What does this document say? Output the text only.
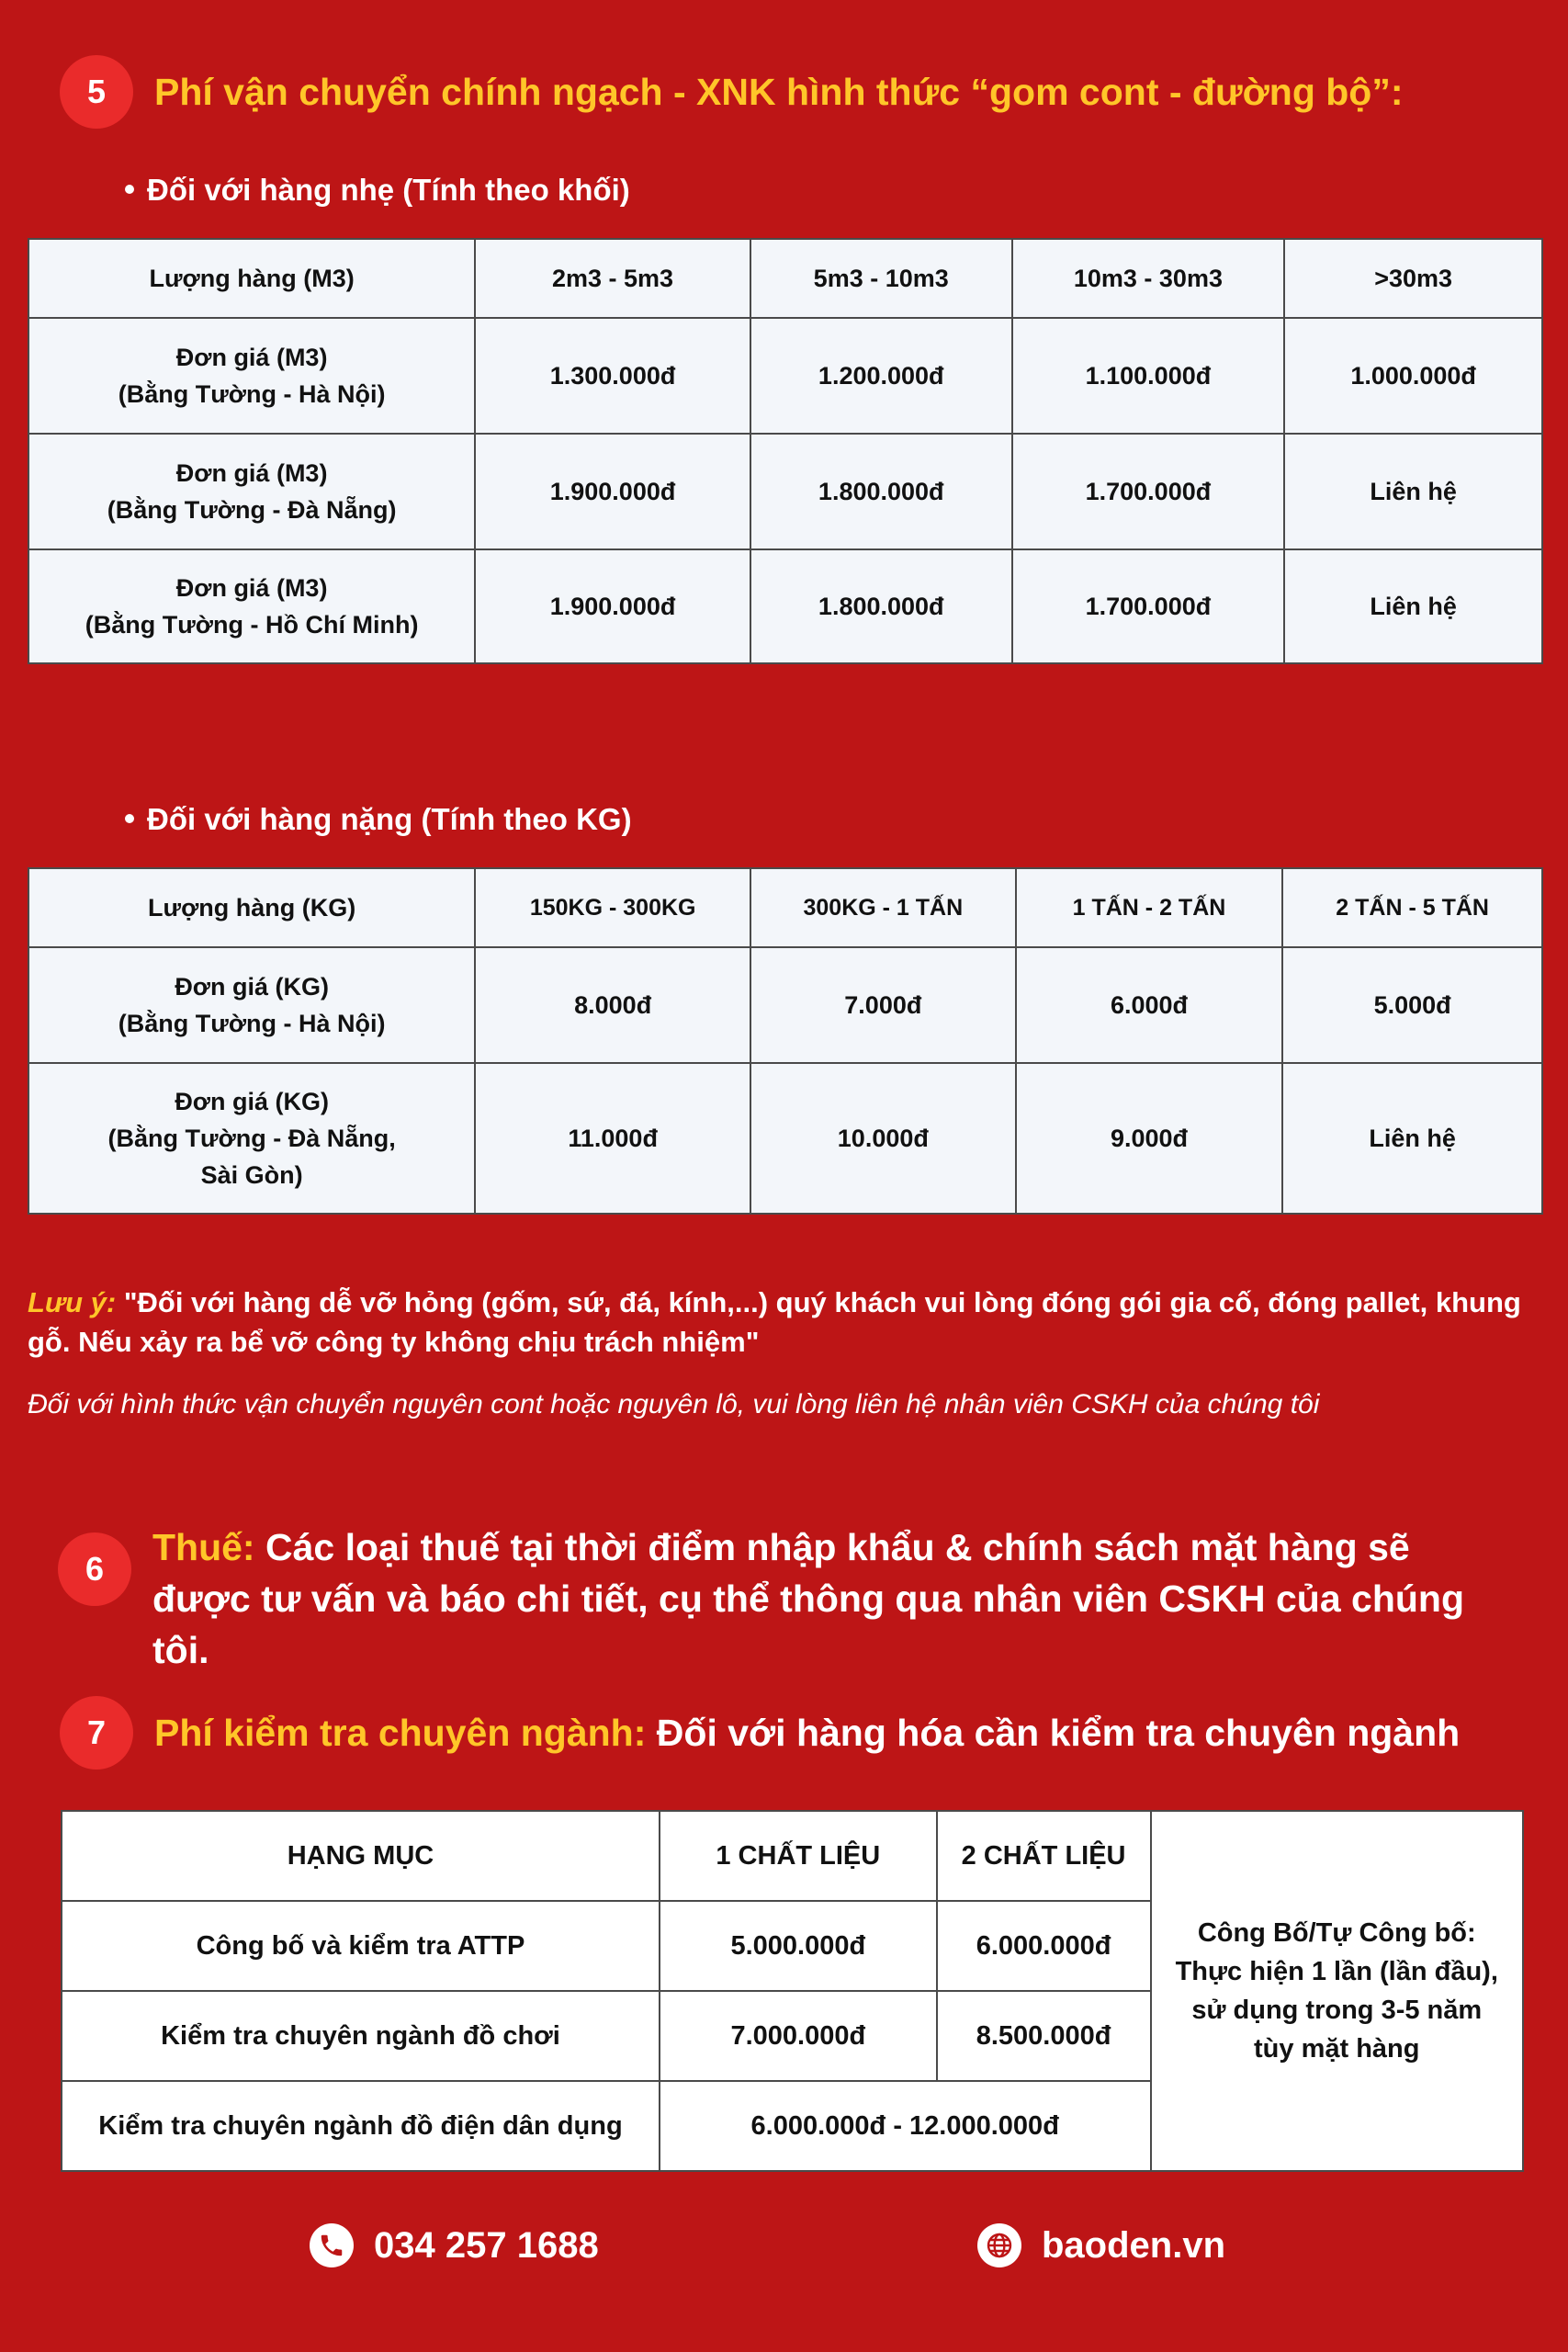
5	Phí vận chuyển chính ngạch - XNK hình thức “gom cont - đường bộ”:
Đối với hàng nhẹ (Tính theo khối)
Lượng hàng (M3)	2m3 - 5m3	5m3 - 10m3	10m3 - 30m3	>30m3
Đơn giá (M3)
(Bằng Tường - Hà Nội)	1.300.000đ	1.200.000đ	1.100.000đ	1.000.000đ
Đơn giá (M3)
(Bằng Tường - Đà Nẵng)	1.900.000đ	1.800.000đ	1.700.000đ	Liên hệ
Đơn giá (M3)
(Bằng Tường - Hồ Chí Minh)	1.900.000đ	1.800.000đ	1.700.000đ	Liên hệ
Đối với hàng nặng (Tính theo KG)
Lượng hàng (KG)	150KG - 300KG	300KG - 1 TẤN	1 TẤN - 2 TẤN	2 TẤN - 5 TẤN
Đơn giá (KG)
(Bằng Tường - Hà Nội)	8.000đ	7.000đ	6.000đ	5.000đ
Đơn giá (KG)
(Bằng Tường - Đà Nẵng,
Sài Gòn)	11.000đ	10.000đ	9.000đ	Liên hệ
Lưu ý: "Đối với hàng dễ vỡ hỏng (gốm, sứ, đá, kính,...) quý khách vui lòng đóng gói gia cố, đóng pallet, khung gỗ. Nếu xảy ra bể vỡ công ty không chịu trách nhiệm"
Đối với hình thức vận chuyển nguyên cont hoặc nguyên lô, vui lòng liên hệ nhân viên CSKH của chúng tôi
6
Thuế: Các loại thuế tại thời điểm nhập khẩu & chính sách mặt hàng sẽ được tư vấn và báo chi tiết, cụ thể thông qua nhân viên CSKH của chúng tôi.
7	Phí kiểm tra chuyên ngành: Đối với hàng hóa cần kiểm tra chuyên ngành
HẠNG MỤC	1 CHẤT LIỆU	2 CHẤT LIỆU	Công Bố/Tự Công bố: Thực hiện 1 lần (lần đầu), sử dụng trong 3-5 năm tùy mặt hàng
Công bố và kiểm tra ATTP	5.000.000đ	6.000.000đ	
Kiểm tra chuyên ngành đồ chơi	7.000.000đ	8.500.000đ	
Kiểm tra chuyên ngành đồ điện dân dụng	6.000.000đ - 12.000.000đ		
034 257 1688	baoden.vn
